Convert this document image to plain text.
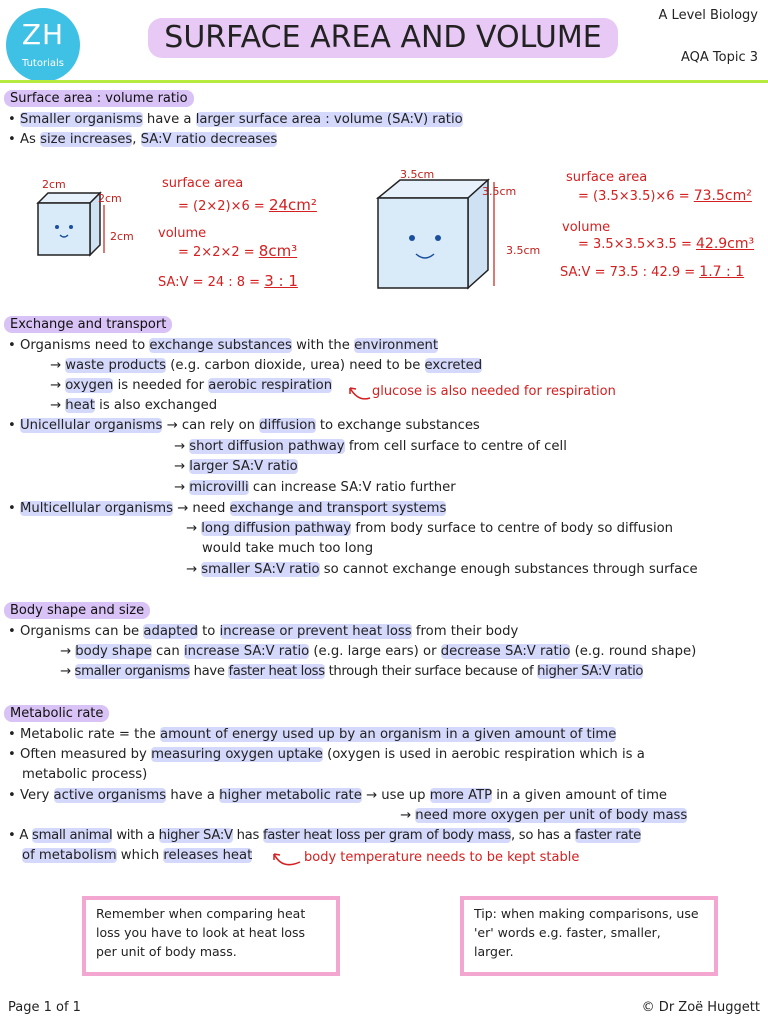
ZH
Tutorials
SURFACE AREA AND VOLUME
A Level Biology
AQA Topic 3
Surface area : volume ratio
• Smaller organisms have a larger surface area : volume (SA:V) ratio
• As size increases, SA:V ratio decreases
2cm
2cm
2cm
surface area
= (2×2)×6 = 24cm²
volume
= 2×2×2 = 8cm³
SA:V = 24 : 8 = 3 : 1
3.5cm
3.5cm
3.5cm
surface area
= (3.5×3.5)×6 = 73.5cm²
volume
= 3.5×3.5×3.5 = 42.9cm³
SA:V = 73.5 : 42.9 = 1.7 : 1
Exchange and transport
• Organisms need to exchange substances with the environment
→ waste products (e.g. carbon dioxide, urea) need to be excreted
→ oxygen is needed for aerobic respiration	glucose is also needed for respiration
→ heat is also exchanged
• Unicellular organisms → can rely on diffusion to exchange substances
→ short diffusion pathway from cell surface to centre of cell
→ larger SA:V ratio
→ microvilli can increase SA:V ratio further
• Multicellular organisms → need exchange and transport systems
→ long diffusion pathway from body surface to centre of body so diffusion
would take much too long
→ smaller SA:V ratio so cannot exchange enough substances through surface
Body shape and size
• Organisms can be adapted to increase or prevent heat loss from their body
→ body shape can increase SA:V ratio (e.g. large ears) or decrease SA:V ratio (e.g. round shape)
→ smaller organisms have faster heat loss through their surface because of higher SA:V ratio
Metabolic rate
• Metabolic rate = the amount of energy used up by an organism in a given amount of time
• Often measured by measuring oxygen uptake (oxygen is used in aerobic respiration which is a
metabolic process)
• Very active organisms have a higher metabolic rate → use up more ATP in a given amount of time
→ need more oxygen per unit of body mass
• A small animal with a higher SA:V has faster heat loss per gram of body mass, so has a faster rate
of metabolism which releases heat	body temperature needs to be kept stable
Remember when comparing heat loss you have to look at heat loss per unit of body mass.
Tip: when making comparisons, use 'er' words e.g. faster, smaller, larger.
Page 1 of 1	© Dr Zoë Huggett
